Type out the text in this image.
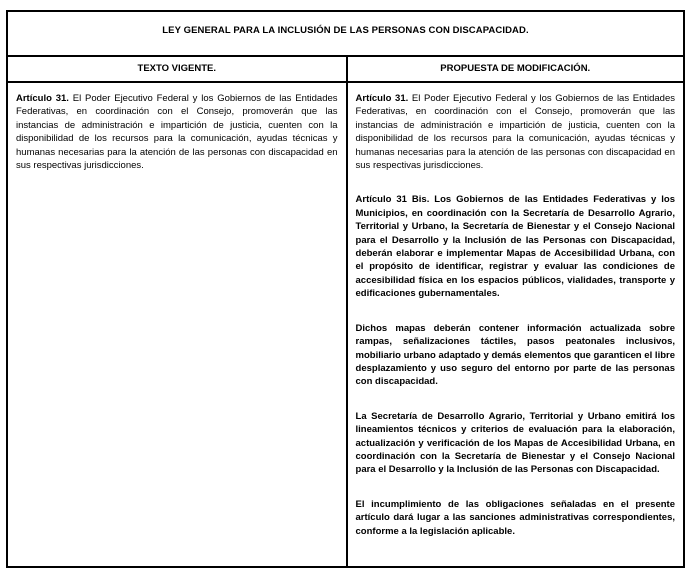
LEY GENERAL PARA LA INCLUSIÓN DE LAS PERSONAS CON DISCAPACIDAD.
TEXTO VIGENTE.	PROPUESTA DE MODIFICACIÓN.

Artículo 31. El Poder Ejecutivo Federal y los Gobiernos de las Entidades Federativas, en coordinación con el Consejo, promoverán que las instancias de administración e impartición de justicia, cuenten con la disponibilidad de los recursos para la comunicación, ayudas técnicas y humanas necesarias para la atención de las personas con discapacidad en sus respectivas jurisdicciones.

Artículo 31. El Poder Ejecutivo Federal y los Gobiernos de las Entidades Federativas, en coordinación con el Consejo, promoverán que las instancias de administración e impartición de justicia, cuenten con la disponibilidad de los recursos para la comunicación, ayudas técnicas y humanas necesarias para la atención de las personas con discapacidad en sus respectivas jurisdicciones.

Artículo 31 Bis. Los Gobiernos de las Entidades Federativas y los Municipios, en coordinación con la Secretaría de Desarrollo Agrario, Territorial y Urbano, la Secretaría de Bienestar y el Consejo Nacional para el Desarrollo y la Inclusión de las Personas con Discapacidad, deberán elaborar e implementar Mapas de Accesibilidad Urbana, con el propósito de identificar, registrar y evaluar las condiciones de accesibilidad física en los espacios públicos, vialidades, transporte y edificaciones gubernamentales.

Dichos mapas deberán contener información actualizada sobre rampas, señalizaciones táctiles, pasos peatonales inclusivos, mobiliario urbano adaptado y demás elementos que garanticen el libre desplazamiento y uso seguro del entorno por parte de las personas con discapacidad.

La Secretaría de Desarrollo Agrario, Territorial y Urbano emitirá los lineamientos técnicos y criterios de evaluación para la elaboración, actualización y verificación de los Mapas de Accesibilidad Urbana, en coordinación con la Secretaría de Bienestar y el Consejo Nacional para el Desarrollo y la Inclusión de las Personas con Discapacidad.

El incumplimiento de las obligaciones señaladas en el presente artículo dará lugar a las sanciones administrativas correspondientes, conforme a la legislación aplicable.
